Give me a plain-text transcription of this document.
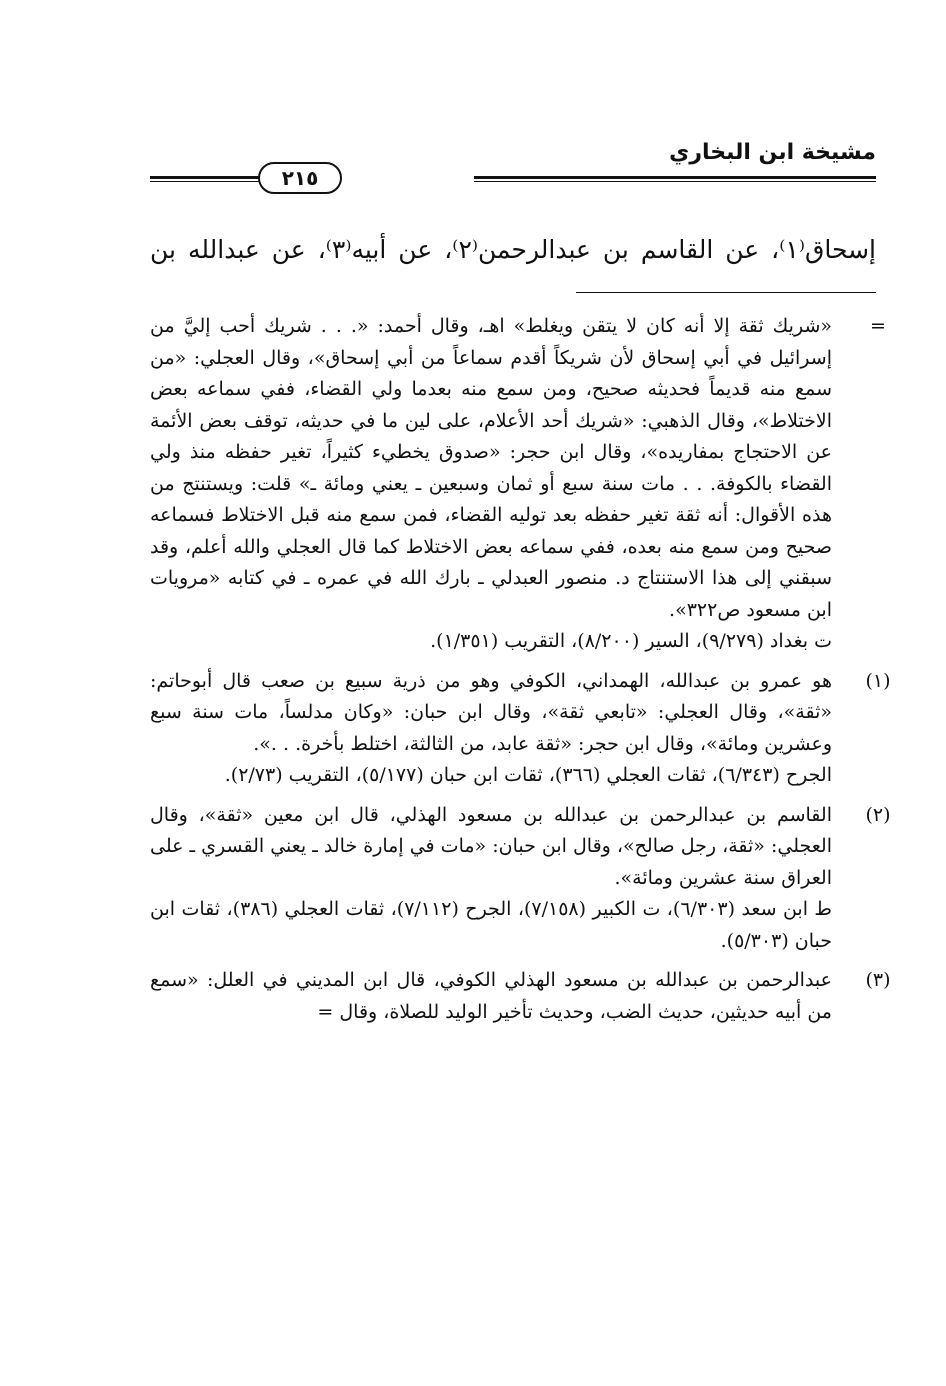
مشيخة ابن البخاري
٢١٥
إسحاق⁽١⁾، عن القاسم بن عبدالرحمن⁽٢⁾، عن أبيه⁽٣⁾، عن عبدالله بن
=

«شريك ثقة إلا أنه كان لا يتقن ويغلط» اهـ، وقال أحمد: «. . . شريك أحب إليَّ من إسرائيل في أبي إسحاق لأن شريكاً أقدم سماعاً من أبي إسحاق»، وقال العجلي: «من سمع منه قديماً فحديثه صحيح، ومن سمع منه بعدما ولي القضاء، ففي سماعه بعض الاختلاط»، وقال الذهبي: «شريك أحد الأعلام، على لين ما في حديثه، توقف بعض الأئمة عن الاحتجاج بمفاريده»، وقال ابن حجر: «صدوق يخطيء كثيراً، تغير حفظه منذ ولي القضاء بالكوفة. . . مات سنة سبع أو ثمان وسبعين ـ يعني ومائة ـ» قلت: ويستنتج من هذه الأقوال: أنه ثقة تغير حفظه بعد توليه القضاء، فمن سمع منه قبل الاختلاط فسماعه صحيح ومن سمع منه بعده، ففي سماعه بعض الاختلاط كما قال العجلي والله أعلم، وقد سبقني إلى هذا الاستنتاج د. منصور العبدلي ـ بارك الله في عمره ـ في كتابه «مرويات ابن مسعود ص٣٢٢».

ت بغداد (٩/٢٧٩)، السير (٨/٢٠٠)، التقريب (١/٣٥١).

(١)

هو عمرو بن عبدالله، الهمداني، الكوفي وهو من ذرية سبيع بن صعب قال أبوحاتم: «ثقة»، وقال العجلي: «تابعي ثقة»، وقال ابن حبان: «وكان مدلساً، مات سنة سبع وعشرين ومائة»، وقال ابن حجر: «ثقة عابد، من الثالثة، اختلط بأخرة. . .».

الجرح (٦/٣٤٣)، ثقات العجلي (٣٦٦)، ثقات ابن حبان (٥/١٧٧)، التقريب (٢/٧٣).

(٢)

القاسم بن عبدالرحمن بن عبدالله بن مسعود الهذلي، قال ابن معين «ثقة»، وقال العجلي: «ثقة، رجل صالح»، وقال ابن حبان: «مات في إمارة خالد ـ يعني القسري ـ على العراق سنة عشرين ومائة».

ط ابن سعد (٦/٣٠٣)، ت الكبير (٧/١٥٨)، الجرح (٧/١١٢)، ثقات العجلي (٣٨٦)، ثقات ابن حبان (٥/٣٠٣).

(٣)

عبدالرحمن بن عبدالله بن مسعود الهذلي الكوفي، قال ابن المديني في العلل: «سمع من أبيه حديثين، حديث الضب، وحديث تأخير الوليد للصلاة، وقال =
